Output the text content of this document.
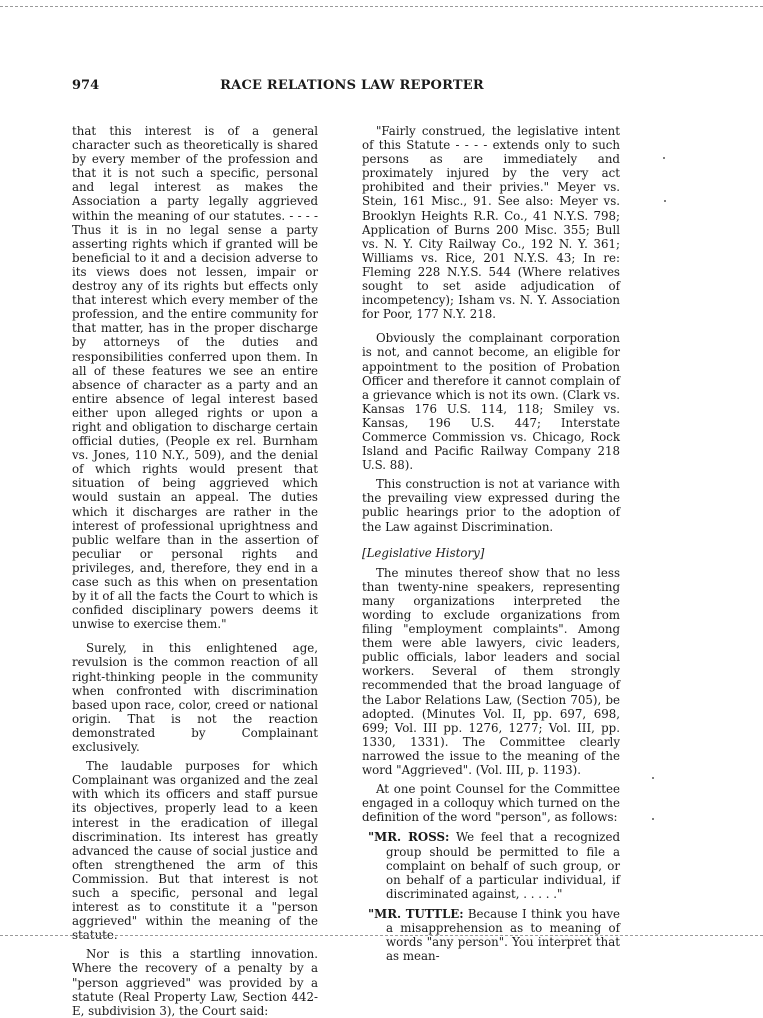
974	RACE RELATIONS LAW REPORTER

that this interest is of a general character such as theoretically is shared by every member of the profession and that it is not such a specific, personal and legal interest as makes the Association a party legally aggrieved within the meaning of our statutes. - - - - Thus it is in no legal sense a party asserting rights which if granted will be beneficial to it and a decision adverse to its views does not lessen, impair or destroy any of its rights but effects only that interest which every member of the profession, and the entire community for that matter, has in the proper discharge by attorneys of the duties and responsibilities conferred upon them. In all of these features we see an entire absence of character as a party and an entire absence of legal interest based either upon alleged rights or upon a right and obligation to discharge certain official duties, (People ex rel. Burnham vs. Jones, 110 N.Y., 509), and the denial of which rights would present that situation of being aggrieved which would sustain an appeal. The duties which it discharges are rather in the interest of professional uprightness and public welfare than in the assertion of peculiar or personal rights and privileges, and, therefore, they end in a case such as this when on presentation by it of all the facts the Court to which is confided disciplinary powers deems it unwise to exercise them."

Surely, in this enlightened age, revulsion is the common reaction of all right-thinking people in the community when confronted with discrimination based upon race, color, creed or national origin. That is not the reaction demonstrated by Complainant exclusively.

The laudable purposes for which Complainant was organized and the zeal with which its officers and staff pursue its objectives, properly lead to a keen interest in the eradication of illegal discrimination. Its interest has greatly advanced the cause of social justice and often strengthened the arm of this Commission. But that interest is not such a specific, personal and legal interest as to constitute it a "person aggrieved" within the meaning of the statute.

Nor is this a startling innovation. Where the recovery of a penalty by a "person aggrieved" was provided by a statute (Real Property Law, Section 442-E, subdivision 3), the Court said:

"Fairly construed, the legislative intent of this Statute - - - - extends only to such persons as are immediately and proximately injured by the very act prohibited and their privies." Meyer vs. Stein, 161 Misc., 91. See also: Meyer vs. Brooklyn Heights R.R. Co., 41 N.Y.S. 798; Application of Burns 200 Misc. 355; Bull vs. N. Y. City Railway Co., 192 N. Y. 361; Williams vs. Rice, 201 N.Y.S. 43; In re: Fleming 228 N.Y.S. 544 (Where relatives sought to set aside adjudication of incompetency); Isham vs. N. Y. Association for Poor, 177 N.Y. 218.

Obviously the complainant corporation is not, and cannot become, an eligible for appointment to the position of Probation Officer and therefore it cannot complain of a grievance which is not its own. (Clark vs. Kansas 176 U.S. 114, 118; Smiley vs. Kansas, 196 U.S. 447; Interstate Commerce Commission vs. Chicago, Rock Island and Pacific Railway Company 218 U.S. 88).

This construction is not at variance with the prevailing view expressed during the public hearings prior to the adoption of the Law against Discrimination.

[Legislative History]

The minutes thereof show that no less than twenty-nine speakers, representing many organizations interpreted the wording to exclude organizations from filing "employment complaints". Among them were able lawyers, civic leaders, public officials, labor leaders and social workers. Several of them strongly recommended that the broad language of the Labor Relations Law, (Section 705), be adopted. (Minutes Vol. II, pp. 697, 698, 699; Vol. III pp. 1276, 1277; Vol. III, pp. 1330, 1331). The Committee clearly narrowed the issue to the meaning of the word "Aggrieved". (Vol. III, p. 1193).

At one point Counsel for the Committee engaged in a colloquy which turned on the definition of the word "person", as follows:

"MR. ROSS: We feel that a recognized group should be permitted to file a complaint on behalf of such group, or on behalf of a particular individual, if discriminated against, . . . . ."

"MR. TUTTLE: Because I think you have a misapprehension as to meaning of words "any person". You interpret that as mean-
